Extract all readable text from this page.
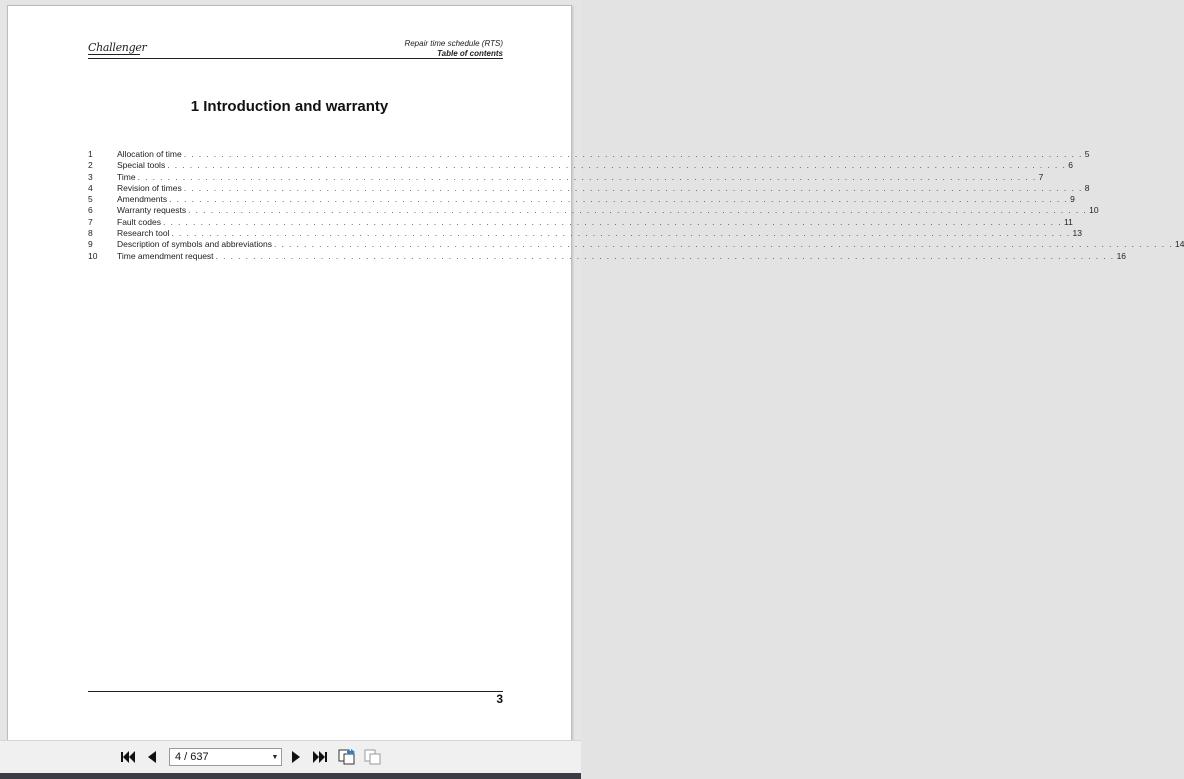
Challenger	Repair time schedule (RTS)
Table of contents
1 Introduction and warranty
1	Allocation of time . . . . . . . . . . . . . . . . . . . . . . . . . . . . . . . . . . . . . . . . . . . . . . . . . . . . . . . . . . . . . . . . . . . . . . . . . . . . . . . . . . . . . . . . . . . . . . . . . . . . . . . . . . . . . . . . . . . . . . . . 5
2	Special tools . . . . . . . . . . . . . . . . . . . . . . . . . . . . . . . . . . . . . . . . . . . . . . . . . . . . . . . . . . . . . . . . . . . . . . . . . . . . . . . . . . . . . . . . . . . . . . . . . . . . . . . . . . . . . . . . . . . . . . . . 6
3	Time . . . . . . . . . . . . . . . . . . . . . . . . . . . . . . . . . . . . . . . . . . . . . . . . . . . . . . . . . . . . . . . . . . . . . . . . . . . . . . . . . . . . . . . . . . . . . . . . . . . . . . . . . . . . . . . . . . . . . . . . 7
4	Revision of times . . . . . . . . . . . . . . . . . . . . . . . . . . . . . . . . . . . . . . . . . . . . . . . . . . . . . . . . . . . . . . . . . . . . . . . . . . . . . . . . . . . . . . . . . . . . . . . . . . . . . . . . . . . . . . . . . . . . . . . . 8
5	Amendments . . . . . . . . . . . . . . . . . . . . . . . . . . . . . . . . . . . . . . . . . . . . . . . . . . . . . . . . . . . . . . . . . . . . . . . . . . . . . . . . . . . . . . . . . . . . . . . . . . . . . . . . . . . . . . . . . . . . . . . . 9
6	Warranty requests . . . . . . . . . . . . . . . . . . . . . . . . . . . . . . . . . . . . . . . . . . . . . . . . . . . . . . . . . . . . . . . . . . . . . . . . . . . . . . . . . . . . . . . . . . . . . . . . . . . . . . . . . . . . . . . . . . . . . . . . 10
7	Fault codes . . . . . . . . . . . . . . . . . . . . . . . . . . . . . . . . . . . . . . . . . . . . . . . . . . . . . . . . . . . . . . . . . . . . . . . . . . . . . . . . . . . . . . . . . . . . . . . . . . . . . . . . . . . . . . . . . . . . . . . . 11
8	Research tool . . . . . . . . . . . . . . . . . . . . . . . . . . . . . . . . . . . . . . . . . . . . . . . . . . . . . . . . . . . . . . . . . . . . . . . . . . . . . . . . . . . . . . . . . . . . . . . . . . . . . . . . . . . . . . . . . . . . . . . . 13
9	Description of symbols and abbreviations . . . . . . . . . . . . . . . . . . . . . . . . . . . . . . . . . . . . . . . . . . . . . . . . . . . . . . . . . . . . . . . . . . . . . . . . . . . . . . . . . . . . . . . . . . . . . . . . . . . . . . . . . . . . . . . . . . . . . . . . 14
10	Time amendment request . . . . . . . . . . . . . . . . . . . . . . . . . . . . . . . . . . . . . . . . . . . . . . . . . . . . . . . . . . . . . . . . . . . . . . . . . . . . . . . . . . . . . . . . . . . . . . . . . . . . . . . . . . . . . . . . . . . . . . . . 16
3
4 / 637	▼
